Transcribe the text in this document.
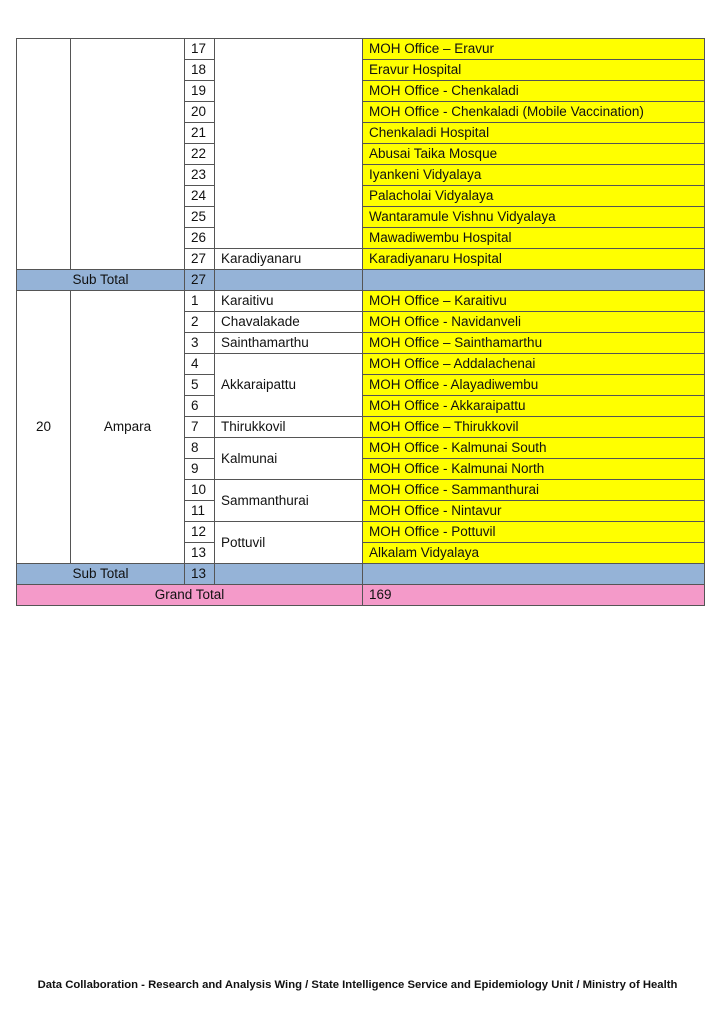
		17		MOH Office – Eravur
		18		Eravur Hospital
		19		MOH Office - Chenkaladi
		20		MOH Office - Chenkaladi (Mobile Vaccination)
		21		Chenkaladi Hospital
		22		Abusai Taika Mosque
		23		Iyankeni Vidyalaya
		24		Palacholai Vidyalaya
		25		Wantaramule Vishnu Vidyalaya
		26		Mawadiwembu Hospital
		27	Karadiyanaru	Karadiyanaru Hospital
Sub Total		27		
20	Ampara	1	Karaitivu	MOH Office – Karaitivu
		2	Chavalakade	MOH Office - Navidanveli
		3	Sainthamarthu	MOH Office – Sainthamarthu
		4	Akkaraipattu	MOH Office – Addalachenai
		5		MOH Office - Alayadiwembu
		6		MOH Office - Akkaraipattu
		7	Thirukkovil	MOH Office – Thirukkovil
		8	Kalmunai	MOH Office - Kalmunai South
		9		MOH Office - Kalmunai North
		10	Sammanthurai	MOH Office - Sammanthurai
		11		MOH Office - Nintavur
		12	Pottuvil	MOH Office - Pottuvil
		13		Alkalam Vidyalaya
Sub Total		13		
Grand Total				169
Data Collaboration - Research and Analysis Wing / State Intelligence Service and Epidemiology Unit / Ministry of Health
